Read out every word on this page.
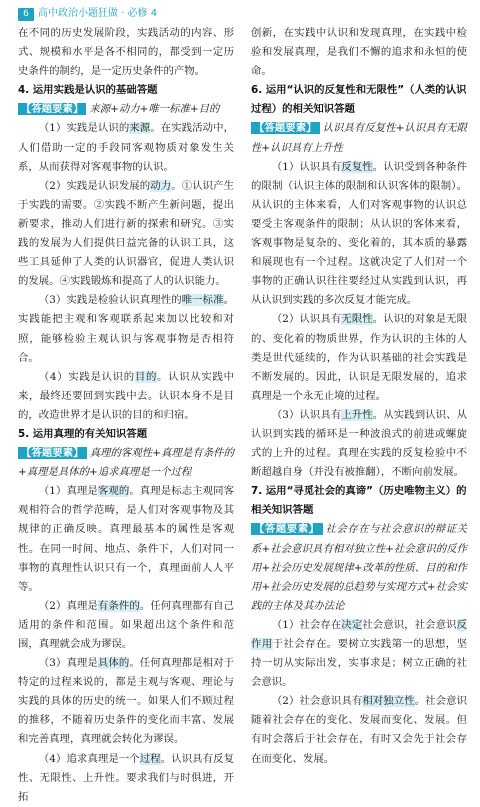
6 高中政治小题狂做 · 必修 4

在不同的历史发展阶段，实践活动的内容、形式、规模和水平是各不相同的，都受到一定历史条件的制约，是一定历史条件的产物。

4. 运用实践是认识的基础答题

【答题要素】 来源+动力+唯一标准+目的

（1）实践是认识的来源。在实践活动中，人们借助一定的手段同客观物质对象发生关系，从而获得对客观事物的认识。

（2）实践是认识发展的动力。①认识产生于实践的需要。②实践不断产生新问题，提出新要求，推动人们进行新的探索和研究。③实践的发展为人们提供日益完备的认识工具，这些工具延伸了人类的认识器官，促进人类认识的发展。④实践锻炼和提高了人的认识能力。

（3）实践是检验认识真理性的唯一标准。实践能把主观和客观联系起来加以比较和对照，能够检验主观认识与客观事物是否相符合。

（4）实践是认识的目的。认识从实践中来，最终还要回到实践中去。认识本身不是目的，改造世界才是认识的目的和归宿。

5. 运用真理的有关知识答题

【答题要素】 真理的客观性+真理是有条件的+真理是具体的+追求真理是一个过程

（1）真理是客观的。真理是标志主观同客观相符合的哲学范畴，是人们对客观事物及其规律的正确反映。真理最基本的属性是客观性。在同一时间、地点、条件下，人们对同一事物的真理性认识只有一个，真理面前人人平等。

（2）真理是有条件的。任何真理都有自己适用的条件和范围。如果超出这个条件和范围，真理就会成为谬误。

（3）真理是具体的。任何真理都是相对于特定的过程来说的，都是主观与客观、理论与实践的具体的历史的统一。如果人们不顾过程的推移，不随着历史条件的变化而丰富、发展和完善真理，真理就会转化为谬误。

（4）追求真理是一个过程。认识具有反复性、无限性、上升性。要求我们与时俱进，开拓

创新，在实践中认识和发现真理，在实践中检验和发展真理，是我们不懈的追求和永恒的使命。

6. 运用“认识的反复性和无限性”（人类的认识过程）的相关知识答题

【答题要素】 认识具有反复性+认识具有无限性+认识具有上升性

（1）认识具有反复性。认识受到各种条件的限制（认识主体的限制和认识客体的限制）。从认识的主体来看，人们对客观事物的认识总要受主客观条件的限制；从认识的客体来看，客观事物是复杂的、变化着的，其本质的暴露和展现也有一个过程。这就决定了人们对一个事物的正确认识往往要经过从实践到认识，再从认识到实践的多次反复才能完成。

（2）认识具有无限性。认识的对象是无限的、变化着的物质世界，作为认识的主体的人类是世代延续的，作为认识基础的社会实践是不断发展的。因此，认识是无限发展的，追求真理是一个永无止境的过程。

（3）认识具有上升性。从实践到认识、从认识到实践的循环是一种波浪式的前进或螺旋式的上升的过程。真理在实践的反复检验中不断超越自身（并没有被推翻），不断向前发展。

7. 运用“寻觅社会的真谛”（历史唯物主义）的相关知识答题

【答题要素】 社会存在与社会意识的辩证关系+社会意识具有相对独立性+社会意识的反作用+社会历史发展规律+改革的性质、目的和作用+社会历史发展的总趋势与实现方式+社会实践的主体及其办法论

（1）社会存在决定社会意识，社会意识反作用于社会存在。要树立实践第一的思想，坚持一切从实际出发，实事求是；树立正确的社会意识。

（2）社会意识具有相对独立性。社会意识随着社会存在的变化、发展而变化、发展。但有时会落后于社会存在，有时又会先于社会存在而变化、发展。
